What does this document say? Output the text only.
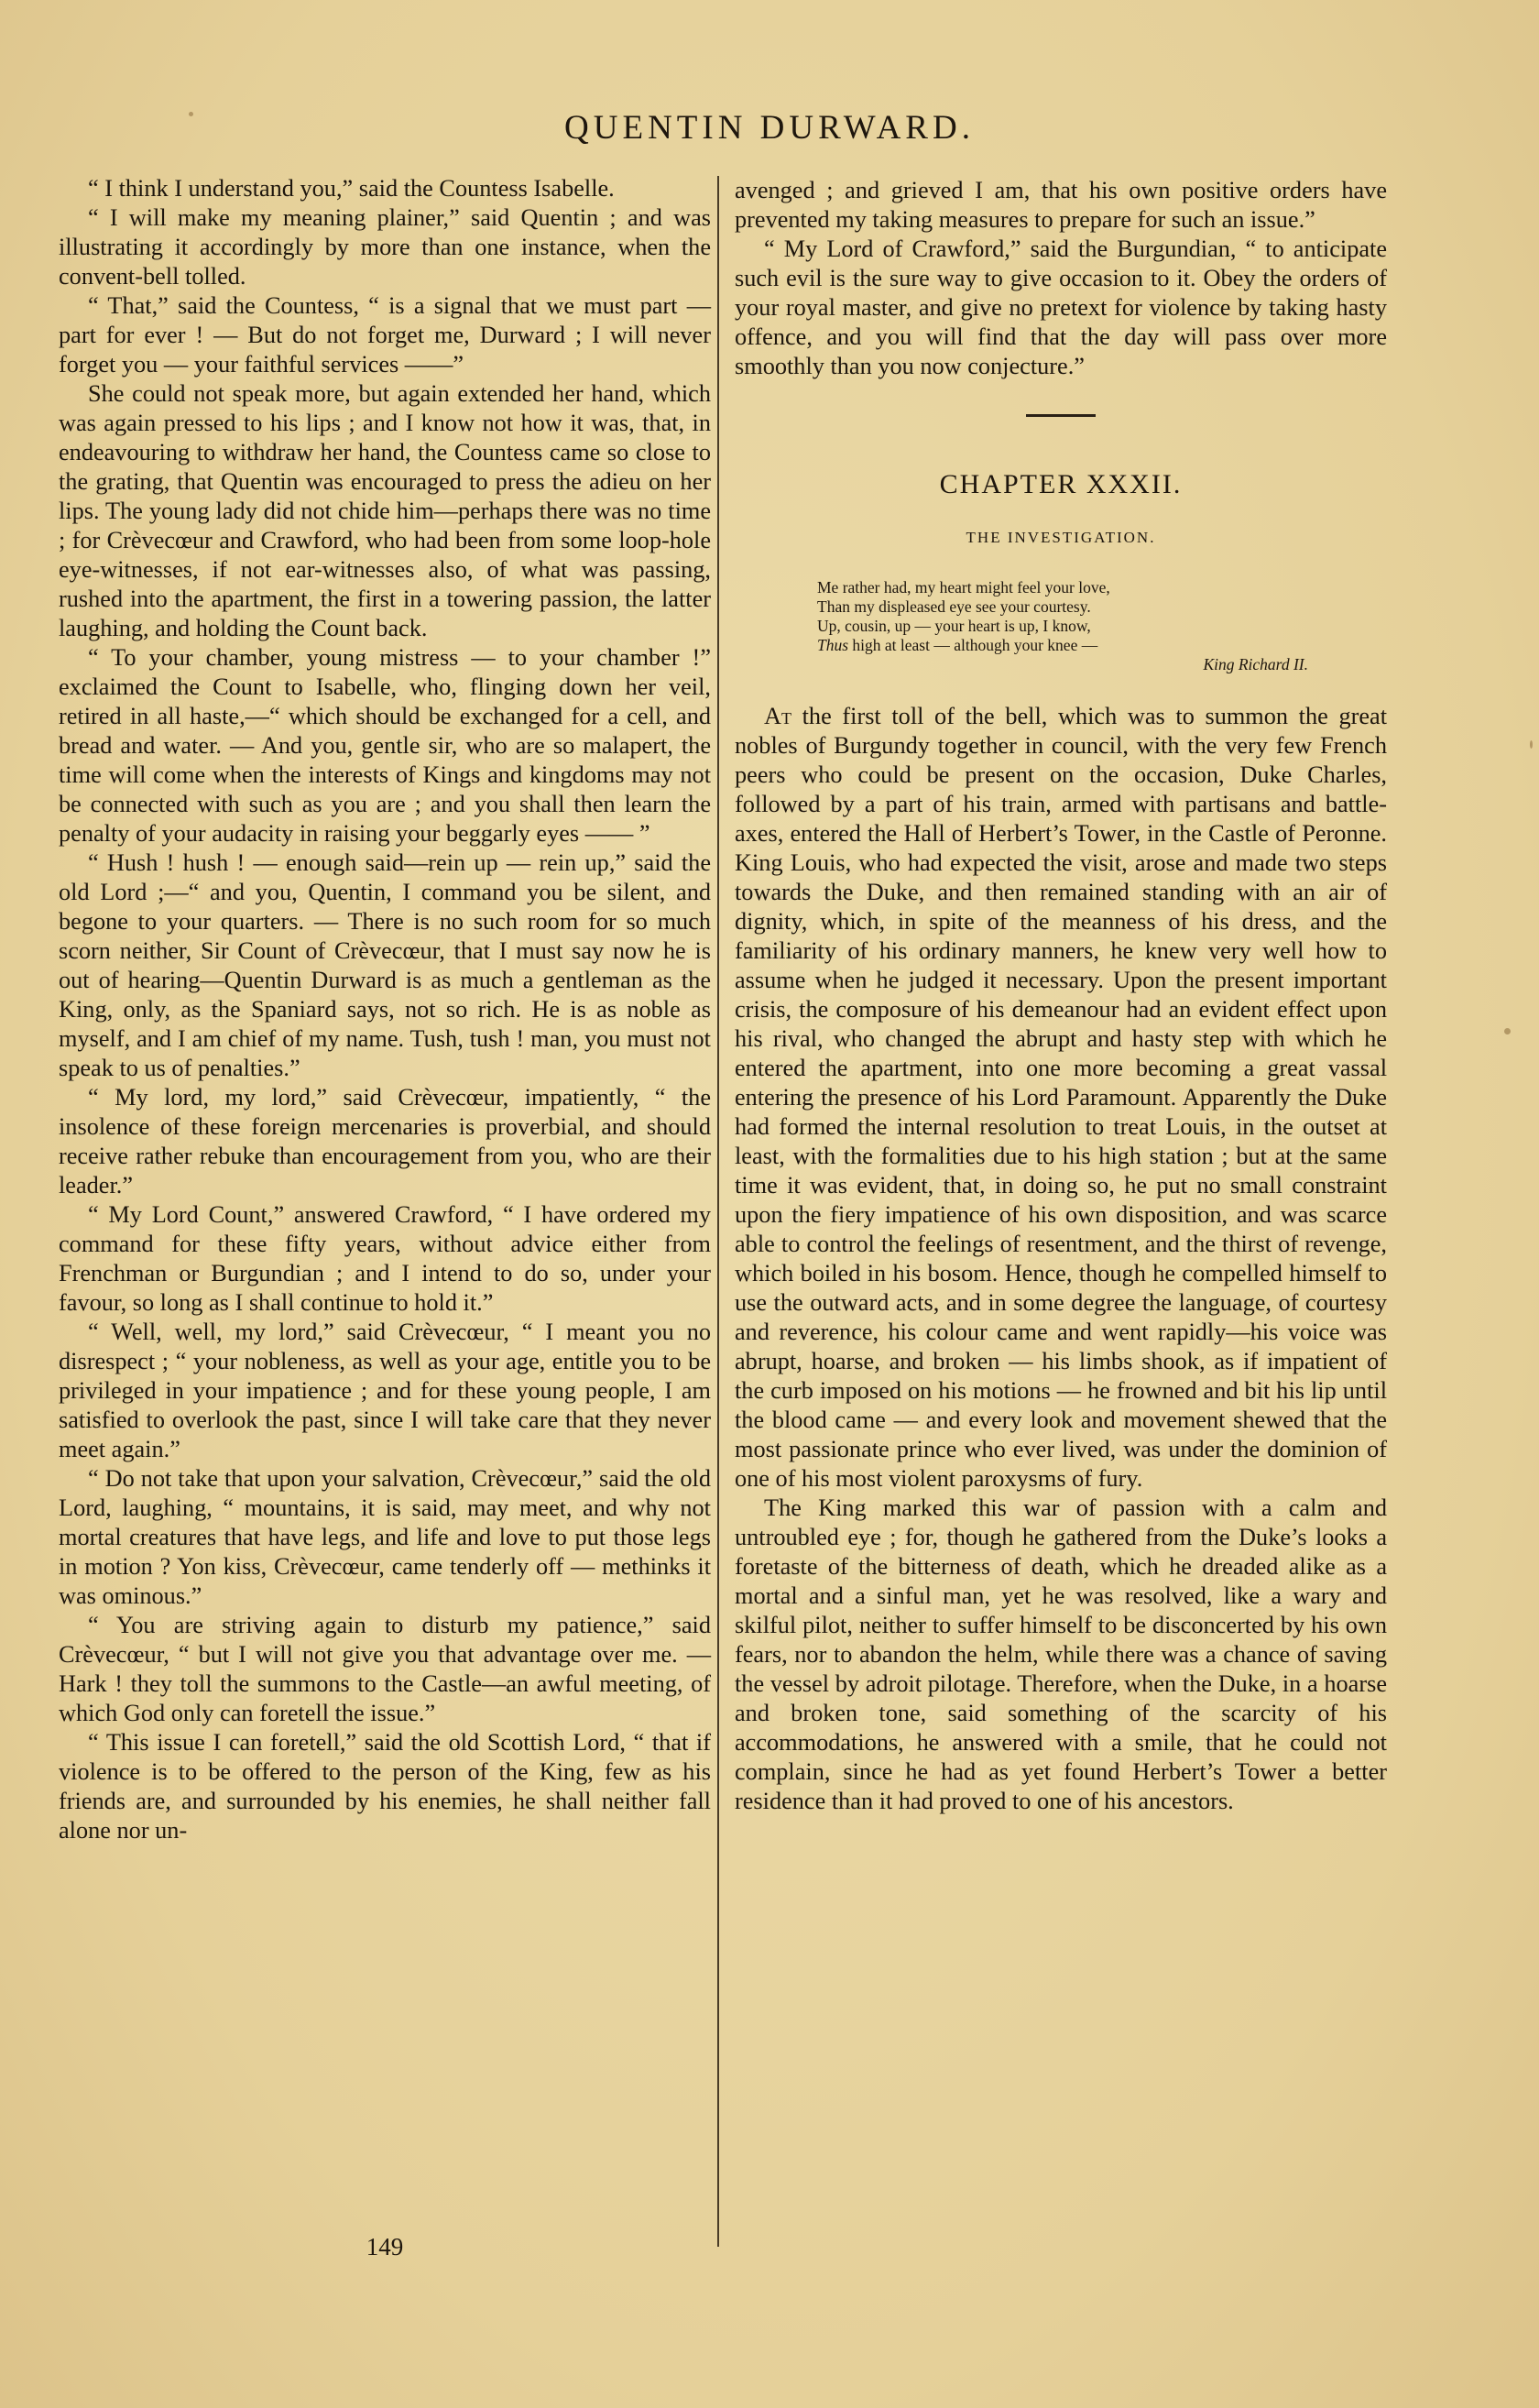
QUENTIN DURWARD.

“ I think I understand you,” said the Countess Isabelle.

“ I will make my meaning plainer,” said Quentin ; and was illustrating it accordingly by more than one instance, when the convent-bell tolled.

“ That,” said the Countess, “ is a signal that we must part — part for ever ! — But do not forget me, Durward ; I will never forget you — your faithful services ——”

She could not speak more, but again extended her hand, which was again pressed to his lips ; and I know not how it was, that, in endeavouring to withdraw her hand, the Countess came so close to the grating, that Quentin was encouraged to press the adieu on her lips. The young lady did not chide him—perhaps there was no time ; for Crèvecœur and Crawford, who had been from some loop-hole eye-witnesses, if not ear-witnesses also, of what was passing, rushed into the apartment, the first in a towering passion, the latter laughing, and holding the Count back.

“ To your chamber, young mistress — to your chamber !” exclaimed the Count to Isabelle, who, flinging down her veil, retired in all haste,—“ which should be exchanged for a cell, and bread and water. — And you, gentle sir, who are so malapert, the time will come when the interests of Kings and kingdoms may not be connected with such as you are ; and you shall then learn the penalty of your audacity in raising your beggarly eyes —— ”

“ Hush ! hush ! — enough said—rein up — rein up,” said the old Lord ;—“ and you, Quentin, I command you be silent, and begone to your quarters. — There is no such room for so much scorn neither, Sir Count of Crèvecœur, that I must say now he is out of hearing—Quentin Durward is as much a gentleman as the King, only, as the Spaniard says, not so rich. He is as noble as myself, and I am chief of my name. Tush, tush ! man, you must not speak to us of penalties.”

“ My lord, my lord,” said Crèvecœur, impatiently, “ the insolence of these foreign mercenaries is proverbial, and should receive rather rebuke than encouragement from you, who are their leader.”

“ My Lord Count,” answered Crawford, “ I have ordered my command for these fifty years, without advice either from Frenchman or Burgundian ; and I intend to do so, under your favour, so long as I shall continue to hold it.”

“ Well, well, my lord,” said Crèvecœur, “ I meant you no disrespect ; “ your nobleness, as well as your age, entitle you to be privileged in your impatience ; and for these young people, I am satisfied to overlook the past, since I will take care that they never meet again.”

“ Do not take that upon your salvation, Crèvecœur,” said the old Lord, laughing, “ mountains, it is said, may meet, and why not mortal creatures that have legs, and life and love to put those legs in motion ? Yon kiss, Crèvecœur, came tenderly off — methinks it was ominous.”

“ You are striving again to disturb my patience,” said Crèvecœur, “ but I will not give you that advantage over me. — Hark ! they toll the summons to the Castle—an awful meeting, of which God only can foretell the issue.”

“ This issue I can foretell,” said the old Scottish Lord, “ that if violence is to be offered to the person of the King, few as his friends are, and surrounded by his enemies, he shall neither fall alone nor un-

avenged ; and grieved I am, that his own positive orders have prevented my taking measures to prepare for such an issue.”

“ My Lord of Crawford,” said the Burgundian, “ to anticipate such evil is the sure way to give occasion to it. Obey the orders of your royal master, and give no pretext for violence by taking hasty offence, and you will find that the day will pass over more smoothly than you now conjecture.”

CHAPTER XXXII.

THE INVESTIGATION.

Me rather had, my heart might feel your love,
Than my displeased eye see your courtesy.
Up, cousin, up — your heart is up, I know,
Thus high at least — although your knee —
King Richard II.

At the first toll of the bell, which was to summon the great nobles of Burgundy together in council, with the very few French peers who could be present on the occasion, Duke Charles, followed by a part of his train, armed with partisans and battle-axes, entered the Hall of Herbert’s Tower, in the Castle of Peronne. King Louis, who had expected the visit, arose and made two steps towards the Duke, and then remained standing with an air of dignity, which, in spite of the meanness of his dress, and the familiarity of his ordinary manners, he knew very well how to assume when he judged it necessary. Upon the present important crisis, the composure of his demeanour had an evident effect upon his rival, who changed the abrupt and hasty step with which he entered the apartment, into one more becoming a great vassal entering the presence of his Lord Paramount. Apparently the Duke had formed the internal resolution to treat Louis, in the outset at least, with the formalities due to his high station ; but at the same time it was evident, that, in doing so, he put no small constraint upon the fiery impatience of his own disposition, and was scarce able to control the feelings of resentment, and the thirst of revenge, which boiled in his bosom. Hence, though he compelled himself to use the outward acts, and in some degree the language, of courtesy and reverence, his colour came and went rapidly—his voice was abrupt, hoarse, and broken — his limbs shook, as if impatient of the curb imposed on his motions — he frowned and bit his lip until the blood came — and every look and movement shewed that the most passionate prince who ever lived, was under the dominion of one of his most violent paroxysms of fury.

The King marked this war of passion with a calm and untroubled eye ; for, though he gathered from the Duke’s looks a foretaste of the bitterness of death, which he dreaded alike as a mortal and a sinful man, yet he was resolved, like a wary and skilful pilot, neither to suffer himself to be disconcerted by his own fears, nor to abandon the helm, while there was a chance of saving the vessel by adroit pilotage. Therefore, when the Duke, in a hoarse and broken tone, said something of the scarcity of his accommodations, he answered with a smile, that he could not complain, since he had as yet found Herbert’s Tower a better residence than it had proved to one of his ancestors.

149
